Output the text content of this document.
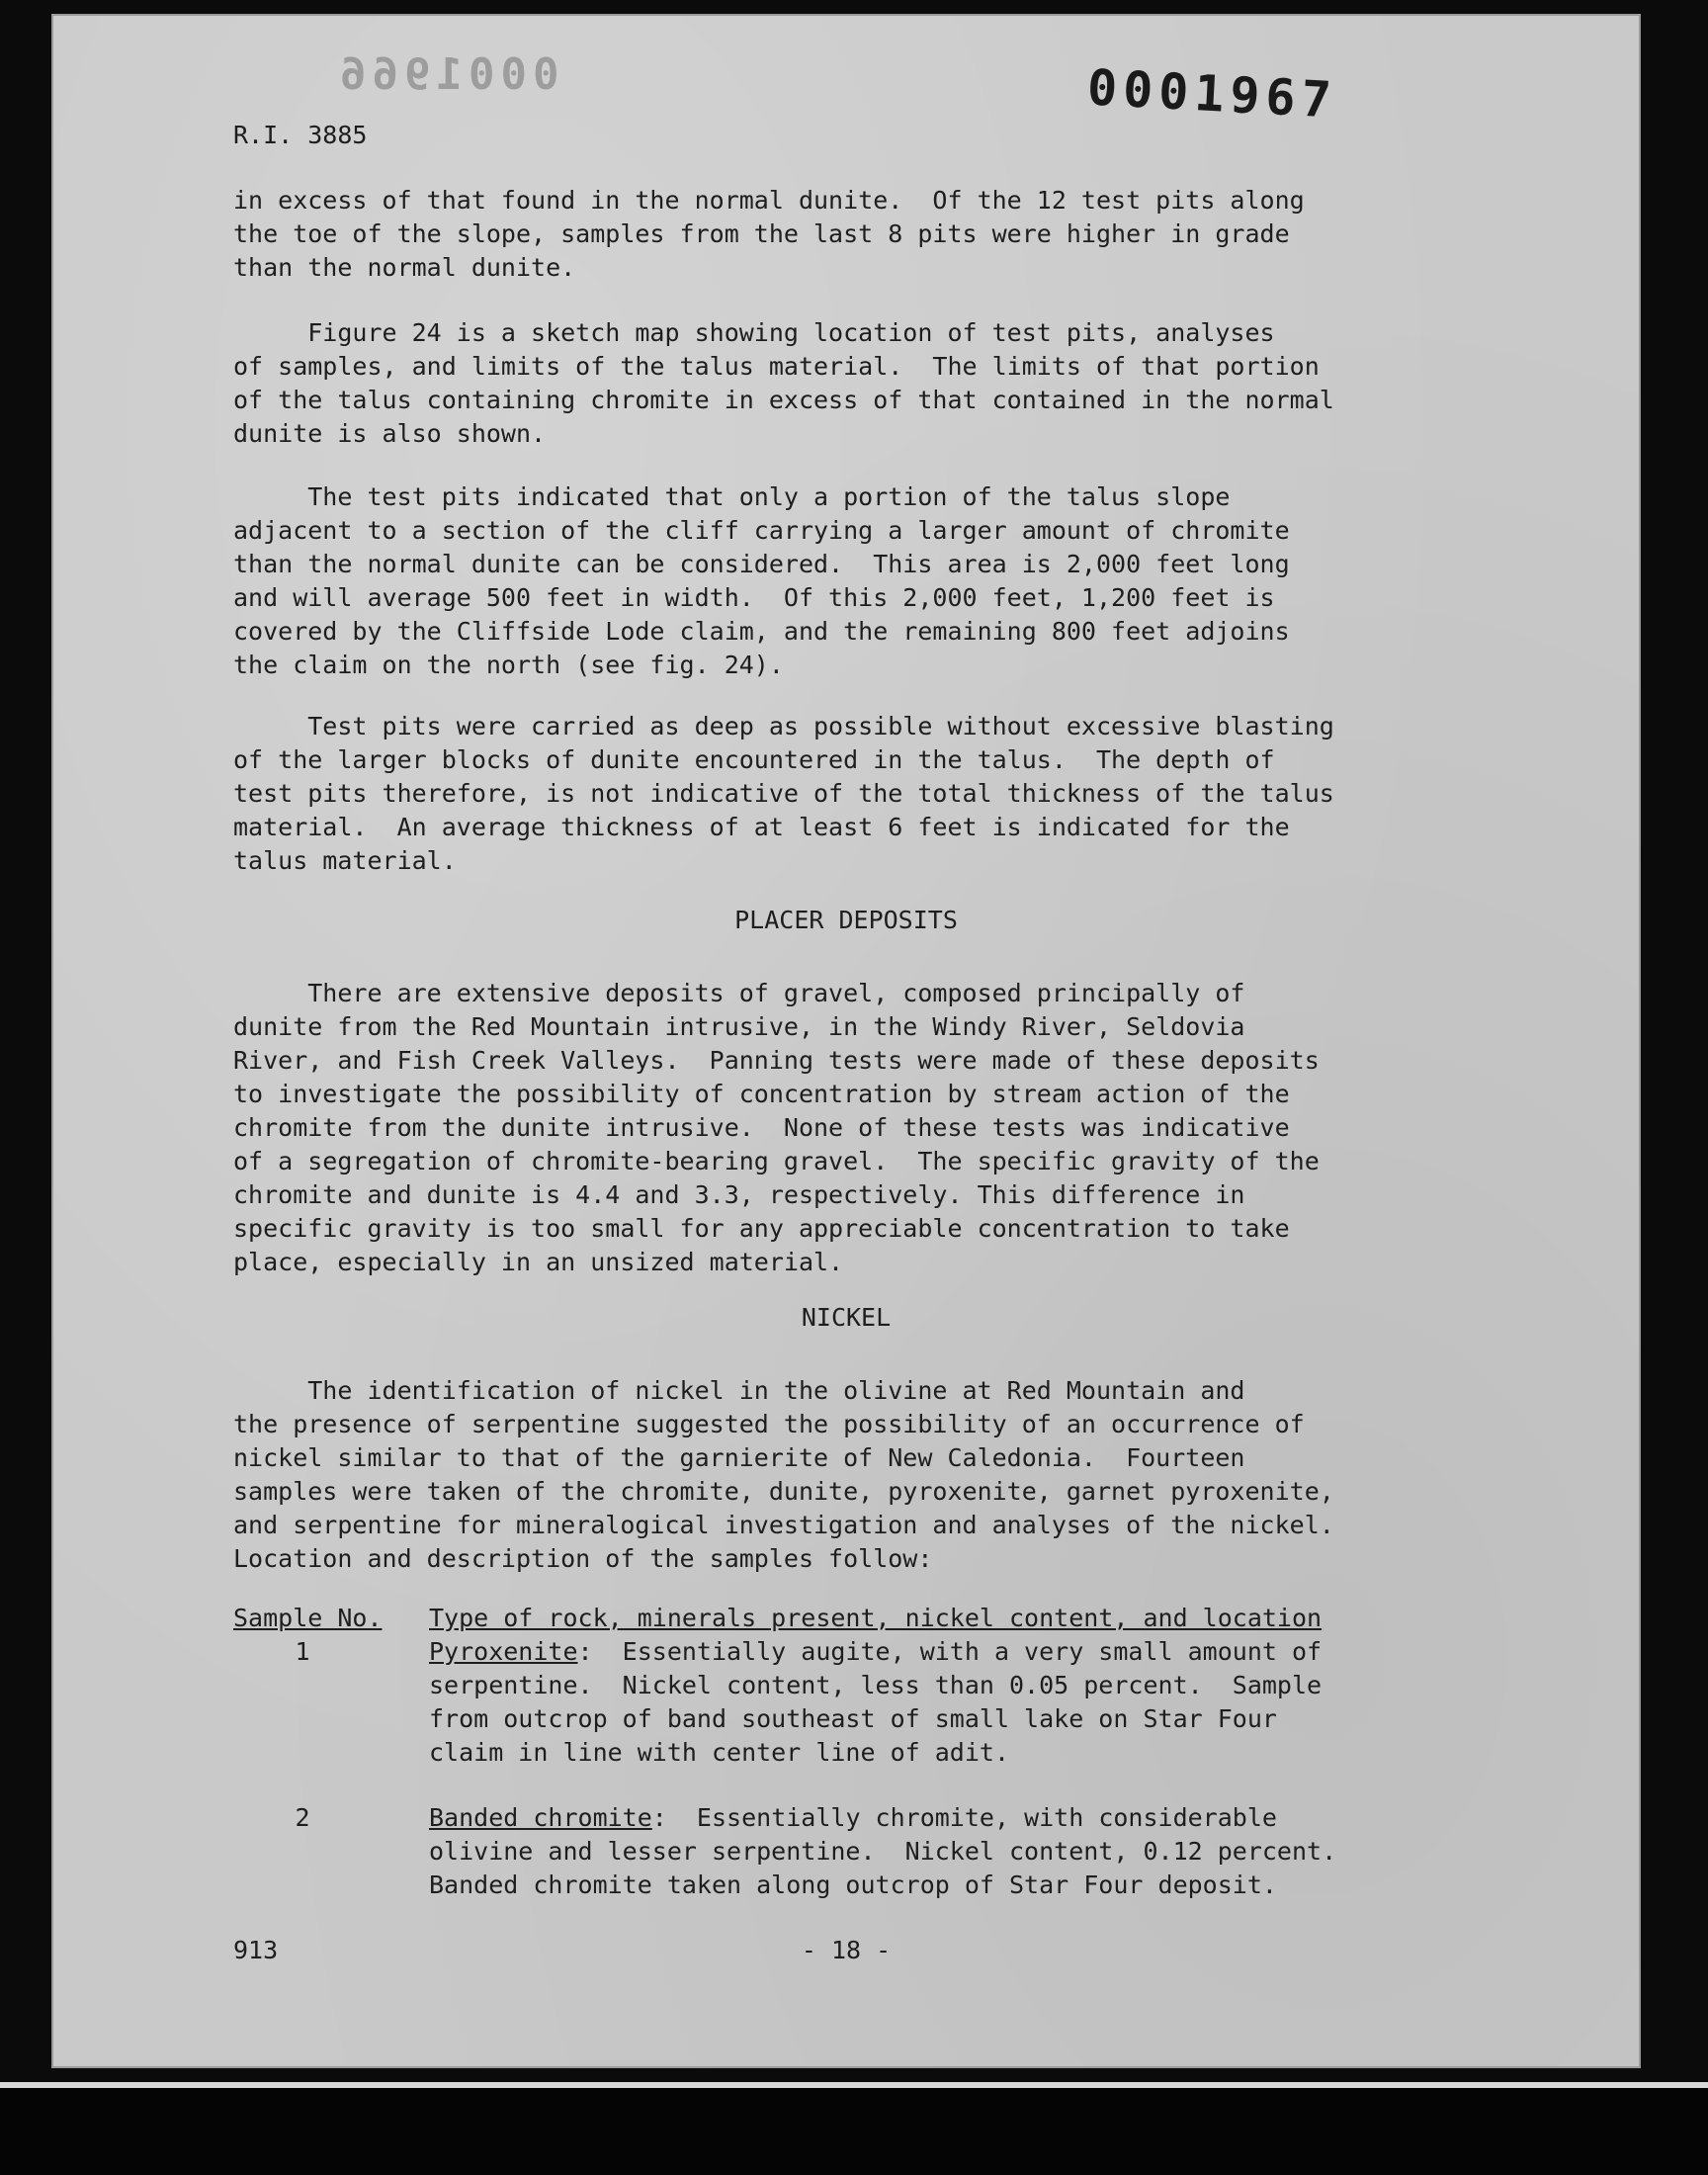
0001966	0001967
R.I. 3885
in excess of that found in the normal dunite.  Of the 12 test pits along
the toe of the slope, samples from the last 8 pits were higher in grade
than the normal dunite.
Figure 24 is a sketch map showing location of test pits, analyses
of samples, and limits of the talus material.  The limits of that portion
of the talus containing chromite in excess of that contained in the normal
dunite is also shown.
The test pits indicated that only a portion of the talus slope
adjacent to a section of the cliff carrying a larger amount of chromite
than the normal dunite can be considered.  This area is 2,000 feet long
and will average 500 feet in width.  Of this 2,000 feet, 1,200 feet is
covered by the Cliffside Lode claim, and the remaining 800 feet adjoins
the claim on the north (see fig. 24).
Test pits were carried as deep as possible without excessive blasting
of the larger blocks of dunite encountered in the talus.  The depth of
test pits therefore, is not indicative of the total thickness of the talus
material.  An average thickness of at least 6 feet is indicated for the
talus material.
PLACER DEPOSITS
There are extensive deposits of gravel, composed principally of
dunite from the Red Mountain intrusive, in the Windy River, Seldovia
River, and Fish Creek Valleys.  Panning tests were made of these deposits
to investigate the possibility of concentration by stream action of the
chromite from the dunite intrusive.  None of these tests was indicative
of a segregation of chromite-bearing gravel.  The specific gravity of the
chromite and dunite is 4.4 and 3.3, respectively. This difference in
specific gravity is too small for any appreciable concentration to take
place, especially in an unsized material.
NICKEL
The identification of nickel in the olivine at Red Mountain and
the presence of serpentine suggested the possibility of an occurrence of
nickel similar to that of the garnierite of New Caledonia.  Fourteen
samples were taken of the chromite, dunite, pyroxenite, garnet pyroxenite,
and serpentine for mineralogical investigation and analyses of the nickel.
Location and description of the samples follow:
Sample No. Type of rock, minerals present, nickel content, and location
1	Pyroxenite:  Essentially augite, with a very small amount of
serpentine.  Nickel content, less than 0.05 percent.  Sample
from outcrop of band southeast of small lake on Star Four
claim in line with center line of adit.
2	Banded chromite:  Essentially chromite, with considerable
olivine and lesser serpentine.  Nickel content, 0.12 percent.
Banded chromite taken along outcrop of Star Four deposit.
913	- 18 -
